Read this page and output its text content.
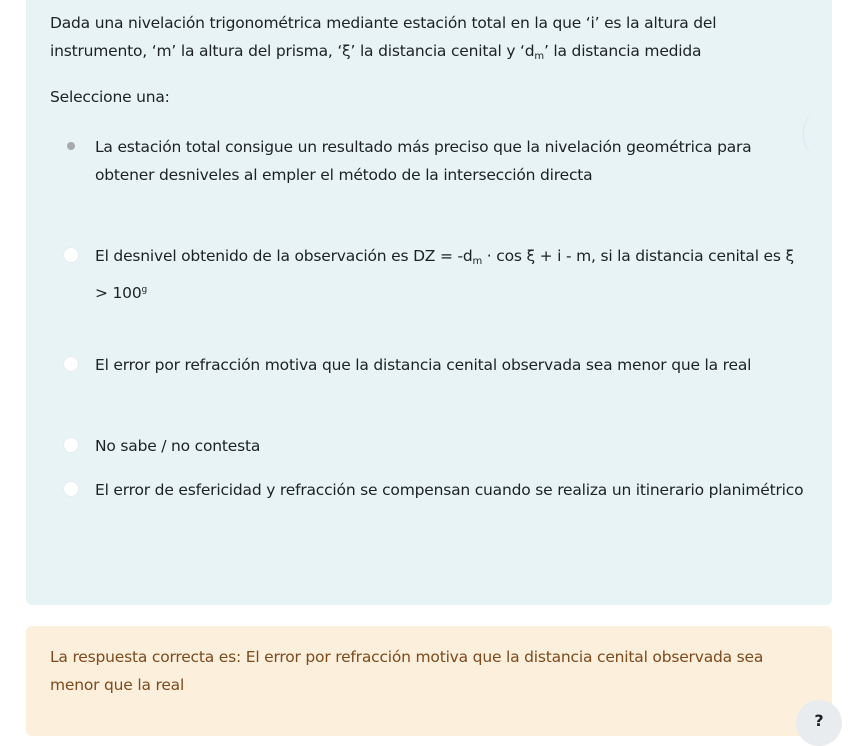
Dada una nivelación trigonométrica mediante estación total en la que ‘i’ es la altura del
instrumento, ‘m’ la altura del prisma, ‘ξ’ la distancia cenital y ‘$d_m$’ la distancia medida
Seleccione una:
La estación total consigue un resultado más preciso que la nivelación geométrica para obtener desniveles al empler el método de la intersección directa
El desnivel obtenido de la observación es DZ = $-d_m \cdot \cos \xi + i - m$, si la distancia cenital es $\xi > 100^g$
El error por refracción motiva que la distancia cenital observada sea menor que la real
No sabe / no contesta
El error de esfericidad y refracción se compensan cuando se realiza un itinerario planimétrico
La respuesta correcta es: El error por refracción motiva que la distancia cenital observada sea menor que la real
?
